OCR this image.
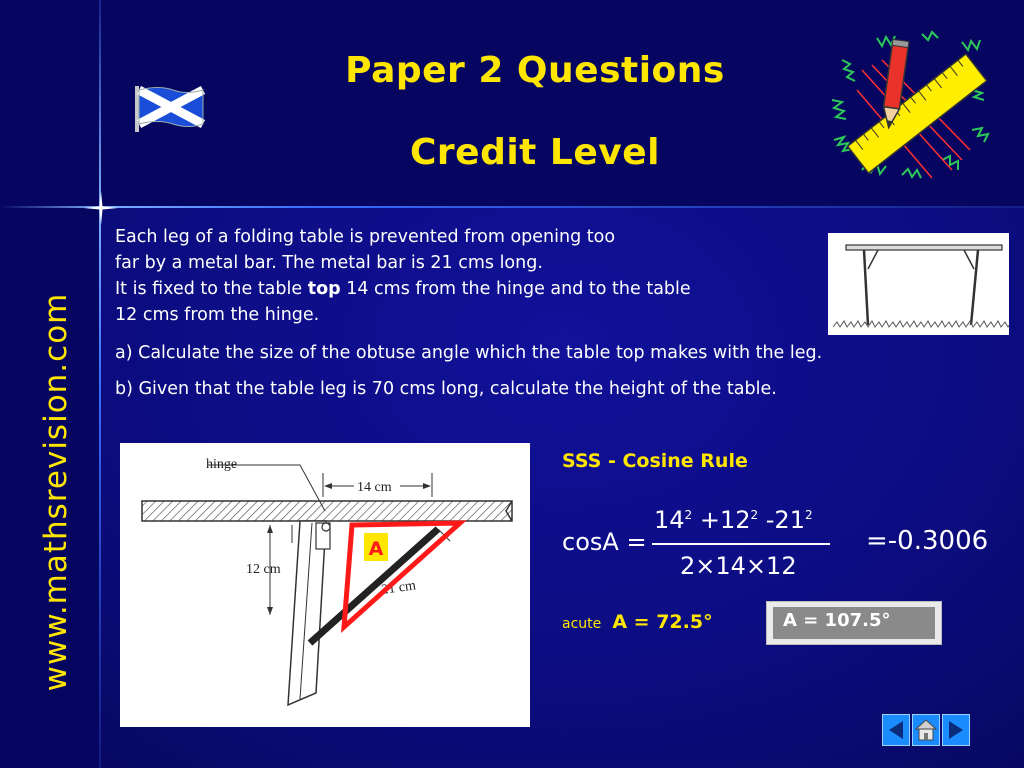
Paper 2 Questions
Credit Level
www.mathsrevision.com
Each leg of a folding table is prevented from opening too
far by a metal bar. The metal bar is 21 cms long.
It is fixed to the table top 14 cms from the hinge and to the table
12 cms from the hinge.
a) Calculate the size of the obtuse angle which the table top makes with the leg.
b) Given that the table leg is 70 cms long, calculate the height of the table.
hinge
14 cm
12 cm
21 cm
A
SSS - Cosine Rule
cosA =
$14^2 +12^2$ $-21^2$
2×14×12
=-0.3006
acute A = 72.5°	A = 107.5°
